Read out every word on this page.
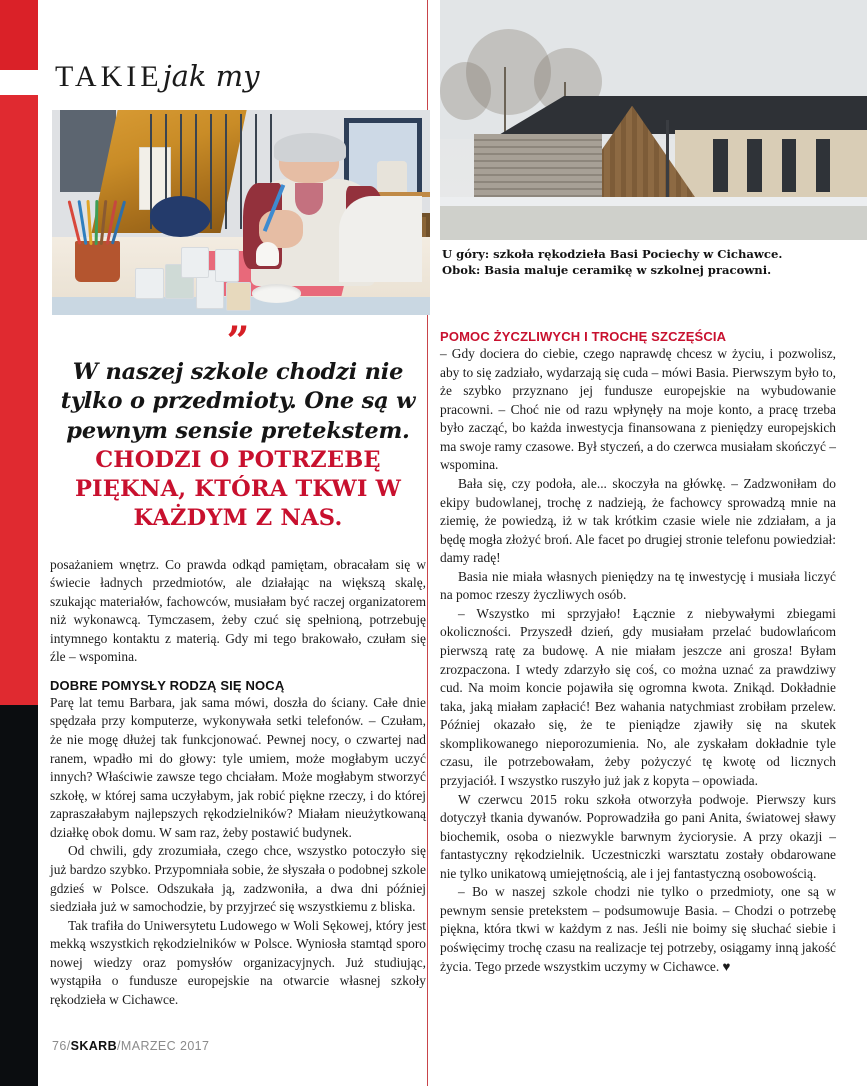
TAKIEjak my
U góry: szkoła rękodzieła Basi Pociechy w Cichawce.
Obok: Basia maluje ceramikę w szkolnej pracowni.
”
W naszej szkole chodzi nie tylko o przedmioty. One są w pewnym sensie pretekstem. CHODZI O POTRZEBĘ PIĘKNA, KTÓRA TKWI W KAŻDYM Z NAS.

posażaniem wnętrz. Co prawda odkąd pamiętam, obracałam się w świecie ładnych przedmiotów, ale działając na większą skalę, szukając materiałów, fachowców, musiałam być raczej organizatorem niż wykonawcą. Tymczasem, żeby czuć się spełnioną, potrzebuję intymnego kontaktu z materią. Gdy mi tego brakowało, czułam się źle – wspomina.

DOBRE POMYSŁY RODZĄ SIĘ NOCĄ

Parę lat temu Barbara, jak sama mówi, doszła do ściany. Całe dnie spędzała przy komputerze, wykonywała setki telefonów. – Czułam, że nie mogę dłużej tak funkcjonować. Pewnej nocy, o czwartej nad ranem, wpadło mi do głowy: tyle umiem, może mogłabym uczyć innych? Właściwie zawsze tego chciałam. Może mogłabym stworzyć szkołę, w której sama uczyłabym, jak robić piękne rzeczy, i do której zapraszałabym najlepszych rękodzielników? Miałam nieużytkowaną działkę obok domu. W sam raz, żeby postawić budynek.

Od chwili, gdy zrozumiała, czego chce, wszystko potoczyło się już bardzo szybko. Przypomniała sobie, że słyszała o podobnej szkole gdzieś w Polsce. Odszukała ją, zadzwoniła, a dwa dni później siedziała już w samochodzie, by przyjrzeć się wszystkiemu z bliska.

Tak trafiła do Uniwersytetu Ludowego w Woli Sękowej, który jest mekką wszystkich rękodzielników w Polsce. Wyniosła stamtąd sporo nowej wiedzy oraz pomysłów organizacyjnych. Już studiując, wystąpiła o fundusze europejskie na otwarcie własnej szkoły rękodzieła w Cichawce.

POMOC ŻYCZLIWYCH I TROCHĘ SZCZĘŚCIA

– Gdy dociera do ciebie, czego naprawdę chcesz w życiu, i pozwolisz, aby to się zadziało, wydarzają się cuda – mówi Basia. Pierwszym było to, że szybko przyznano jej fundusze europejskie na wybudowanie pracowni. – Choć nie od razu wpłynęły na moje konto, a pracę trzeba było zacząć, bo każda inwestycja finansowana z pieniędzy europejskich ma swoje ramy czasowe. Był styczeń, a do czerwca musiałam skończyć – wspomina.

Bała się, czy podoła, ale... skoczyła na główkę. – Zadzwoniłam do ekipy budowlanej, trochę z nadzieją, że fachowcy sprowadzą mnie na ziemię, że powiedzą, iż w tak krótkim czasie wiele nie zdziałam, a ja będę mogła złożyć broń. Ale facet po drugiej stronie telefonu powiedział: damy radę!

Basia nie miała własnych pieniędzy na tę inwestycję i musiała liczyć na pomoc rzeszy życzliwych osób.

– Wszystko mi sprzyjało! Łącznie z niebywałymi zbiegami okoliczności. Przyszedł dzień, gdy musiałam przelać budowlańcom pierwszą ratę za budowę. A nie miałam jeszcze ani grosza! Byłam zrozpaczona. I wtedy zdarzyło się coś, co można uznać za prawdziwy cud. Na moim koncie pojawiła się ogromna kwota. Znikąd. Dokładnie taka, jaką miałam zapłacić! Bez wahania natychmiast zrobiłam przelew. Później okazało się, że te pieniądze zjawiły się na skutek skomplikowanego nieporozumienia. No, ale zyskałam dokładnie tyle czasu, ile potrzebowałam, żeby pożyczyć tę kwotę od licznych przyjaciół. I wszystko ruszyło już jak z kopyta – opowiada.

W czerwcu 2015 roku szkoła otworzyła podwoje. Pierwszy kurs dotyczył tkania dywanów. Poprowadziła go pani Anita, światowej sławy biochemik, osoba o niezwykle barwnym życiorysie. A przy okazji – fantastyczny rękodzielnik. Uczestniczki warsztatu zostały obdarowane nie tylko unikatową umiejętnością, ale i jej fantastyczną osobowością.

– Bo w naszej szkole chodzi nie tylko o przedmioty, one są w pewnym sensie pretekstem – podsumowuje Basia. – Chodzi o potrzebę piękna, która tkwi w każdym z nas. Jeśli nie boimy się słuchać siebie i poświęcimy trochę czasu na realizacje tej potrzeby, osiągamy inną jakość życia. Tego przede wszystkim uczymy w Cichawce. ♥

76/SKARB/MARZEC 2017
